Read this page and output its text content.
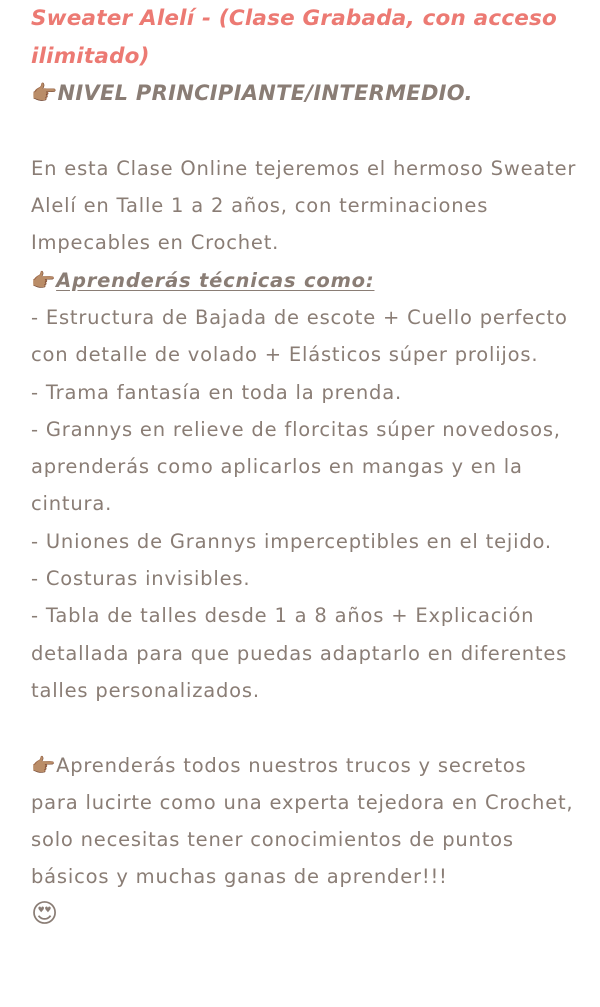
Sweater Alelí - (Clase Grabada, con acceso ilimitado)

👉🏽NIVEL PRINCIPIANTE/INTERMEDIO.

En esta Clase Online tejeremos el hermoso Sweater Alelí en Talle 1 a 2 años, con terminaciones Impecables en Crochet.

👉🏽Aprenderás técnicas como:

- Estructura de Bajada de escote + Cuello perfecto con detalle de volado + Elásticos súper prolijos.

- Trama fantasía en toda la prenda.

- Grannys en relieve de florcitas súper novedosos, aprenderás como aplicarlos en mangas y en la cintura.

- Uniones de Grannys imperceptibles en el tejido.

- Costuras invisibles.

- Tabla de talles desde 1 a 8 años + Explicación detallada para que puedas adaptarlo en diferentes talles personalizados.

👉🏽Aprenderás todos nuestros trucos y secretos para lucirte como una experta tejedora en Crochet, solo necesitas tener conocimientos de puntos básicos y muchas ganas de aprender!!!

😍
